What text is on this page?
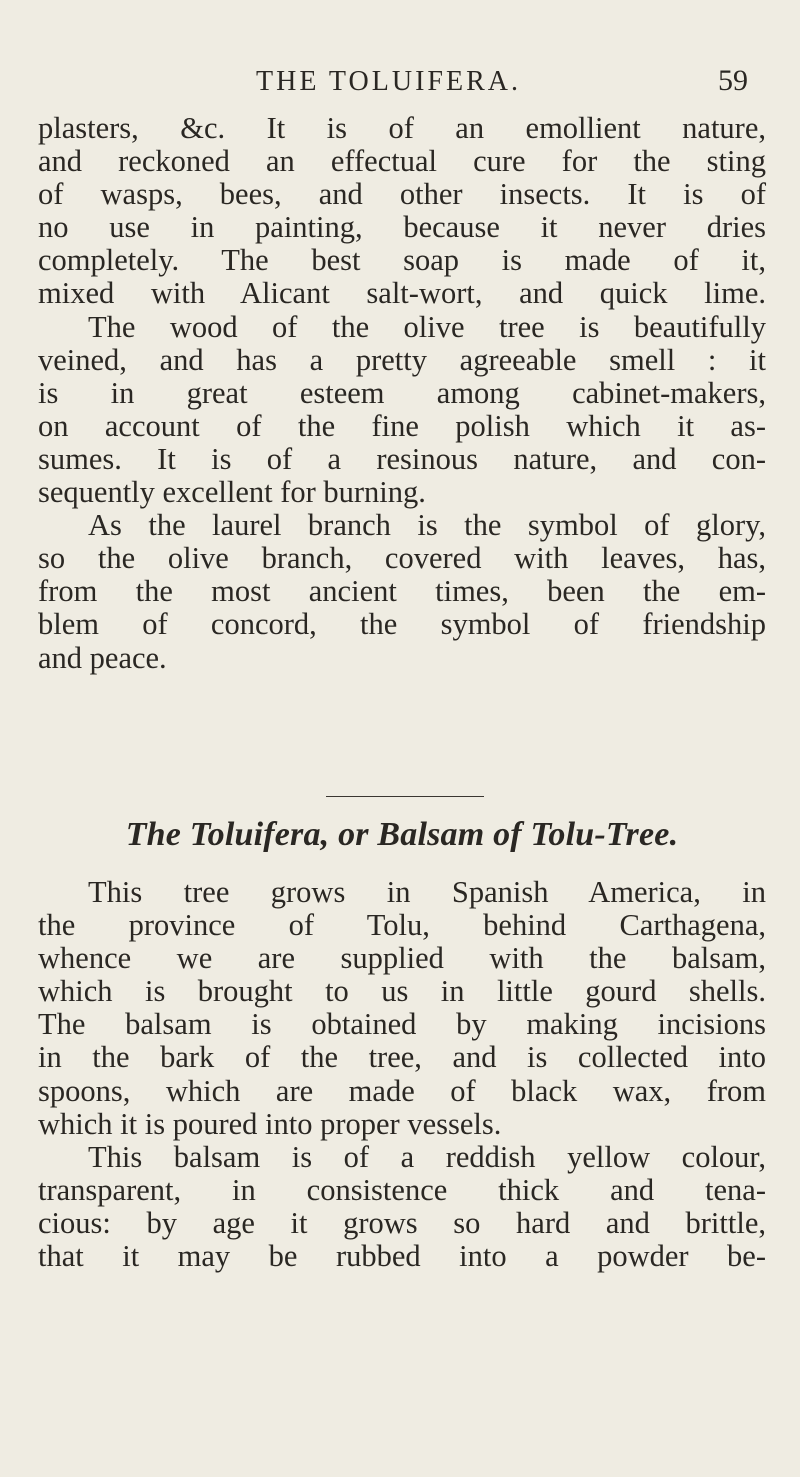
THE TOLUIFERA.	59
plasters, &c. It is of an emollient nature,
and reckoned an effectual cure for the sting
of wasps, bees, and other insects. It is of
no use in painting, because it never dries
completely. The best soap is made of it,
mixed with Alicant salt-wort, and quick lime.
The wood of the olive tree is beautifully
veined, and has a pretty agreeable smell : it
is in great esteem among cabinet-makers,
on account of the fine polish which it as-
sumes. It is of a resinous nature, and con-
sequently excellent for burning.
As the laurel branch is the symbol of glory,
so the olive branch, covered with leaves, has,
from the most ancient times, been the em-
blem of concord, the symbol of friendship
and peace.
The Toluifera, or Balsam of Tolu-Tree.
This tree grows in Spanish America, in
the province of Tolu, behind Carthagena,
whence we are supplied with the balsam,
which is brought to us in little gourd shells.
The balsam is obtained by making incisions
in the bark of the tree, and is collected into
spoons, which are made of black wax, from
which it is poured into proper vessels.
This balsam is of a reddish yellow colour,
transparent, in consistence thick and tena-
cious: by age it grows so hard and brittle,
that it may be rubbed into a powder be-
